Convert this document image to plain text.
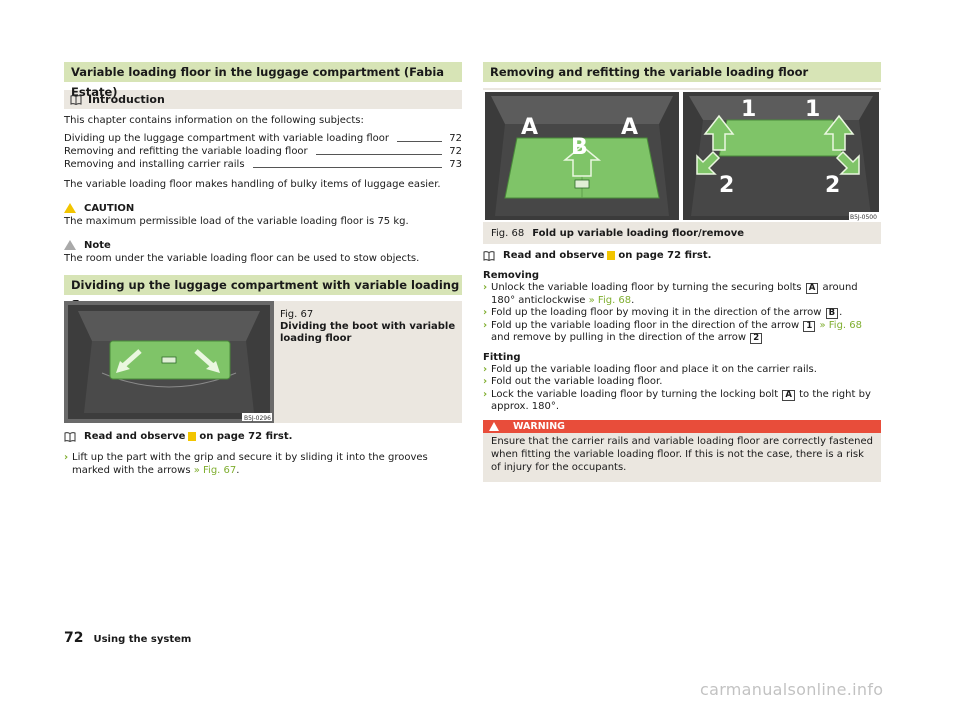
Variable loading floor in the luggage compartment (Fabia Estate)
Introduction

This chapter contains information on the following subjects:

Dividing up the luggage compartment with variable loading floor	72
Removing and refitting the variable loading floor	72
Removing and installing carrier rails	73

The variable loading floor makes handling of bulky items of luggage easier.

CAUTION

The maximum permissible load of the variable loading floor is 75 kg.

Note

The room under the variable loading floor can be used to stow objects.

Dividing up the luggage compartment with variable loading
B5J-0296
Fig. 67
Dividing the boot with variable loading floor
Read and observe on page 72 first.
› Lift up the part with the grip and secure it by sliding it into the grooves marked with the arrows » Fig. 67.
Removing and refitting the variable loading floor
A	A
B
1 1
2	2
B5J-0500
Fig. 68 Fold up variable loading floor/remove
Read and observe on page 72 first.
Removing
› Unlock the variable loading floor by turning the securing bolts A around 180° anticlockwise » Fig. 68.
› Fold up the loading floor by moving it in the direction of the arrow B .
› Fold up the variable loading floor in the direction of the arrow 1 » Fig. 68 and remove by pulling in the direction of the arrow 2
Fitting
› Fold up the variable loading floor and place it on the carrier rails.
› Fold out the variable loading floor.
› Lock the variable loading floor by turning the locking bolt A to the right by approx. 180°.
WARNING

Ensure that the carrier rails and variable loading floor are correctly fastened when fitting the variable loading floor. If this is not the case, there is a risk of injury for the occupants.

72 Using the system
carmanualsonline.info
